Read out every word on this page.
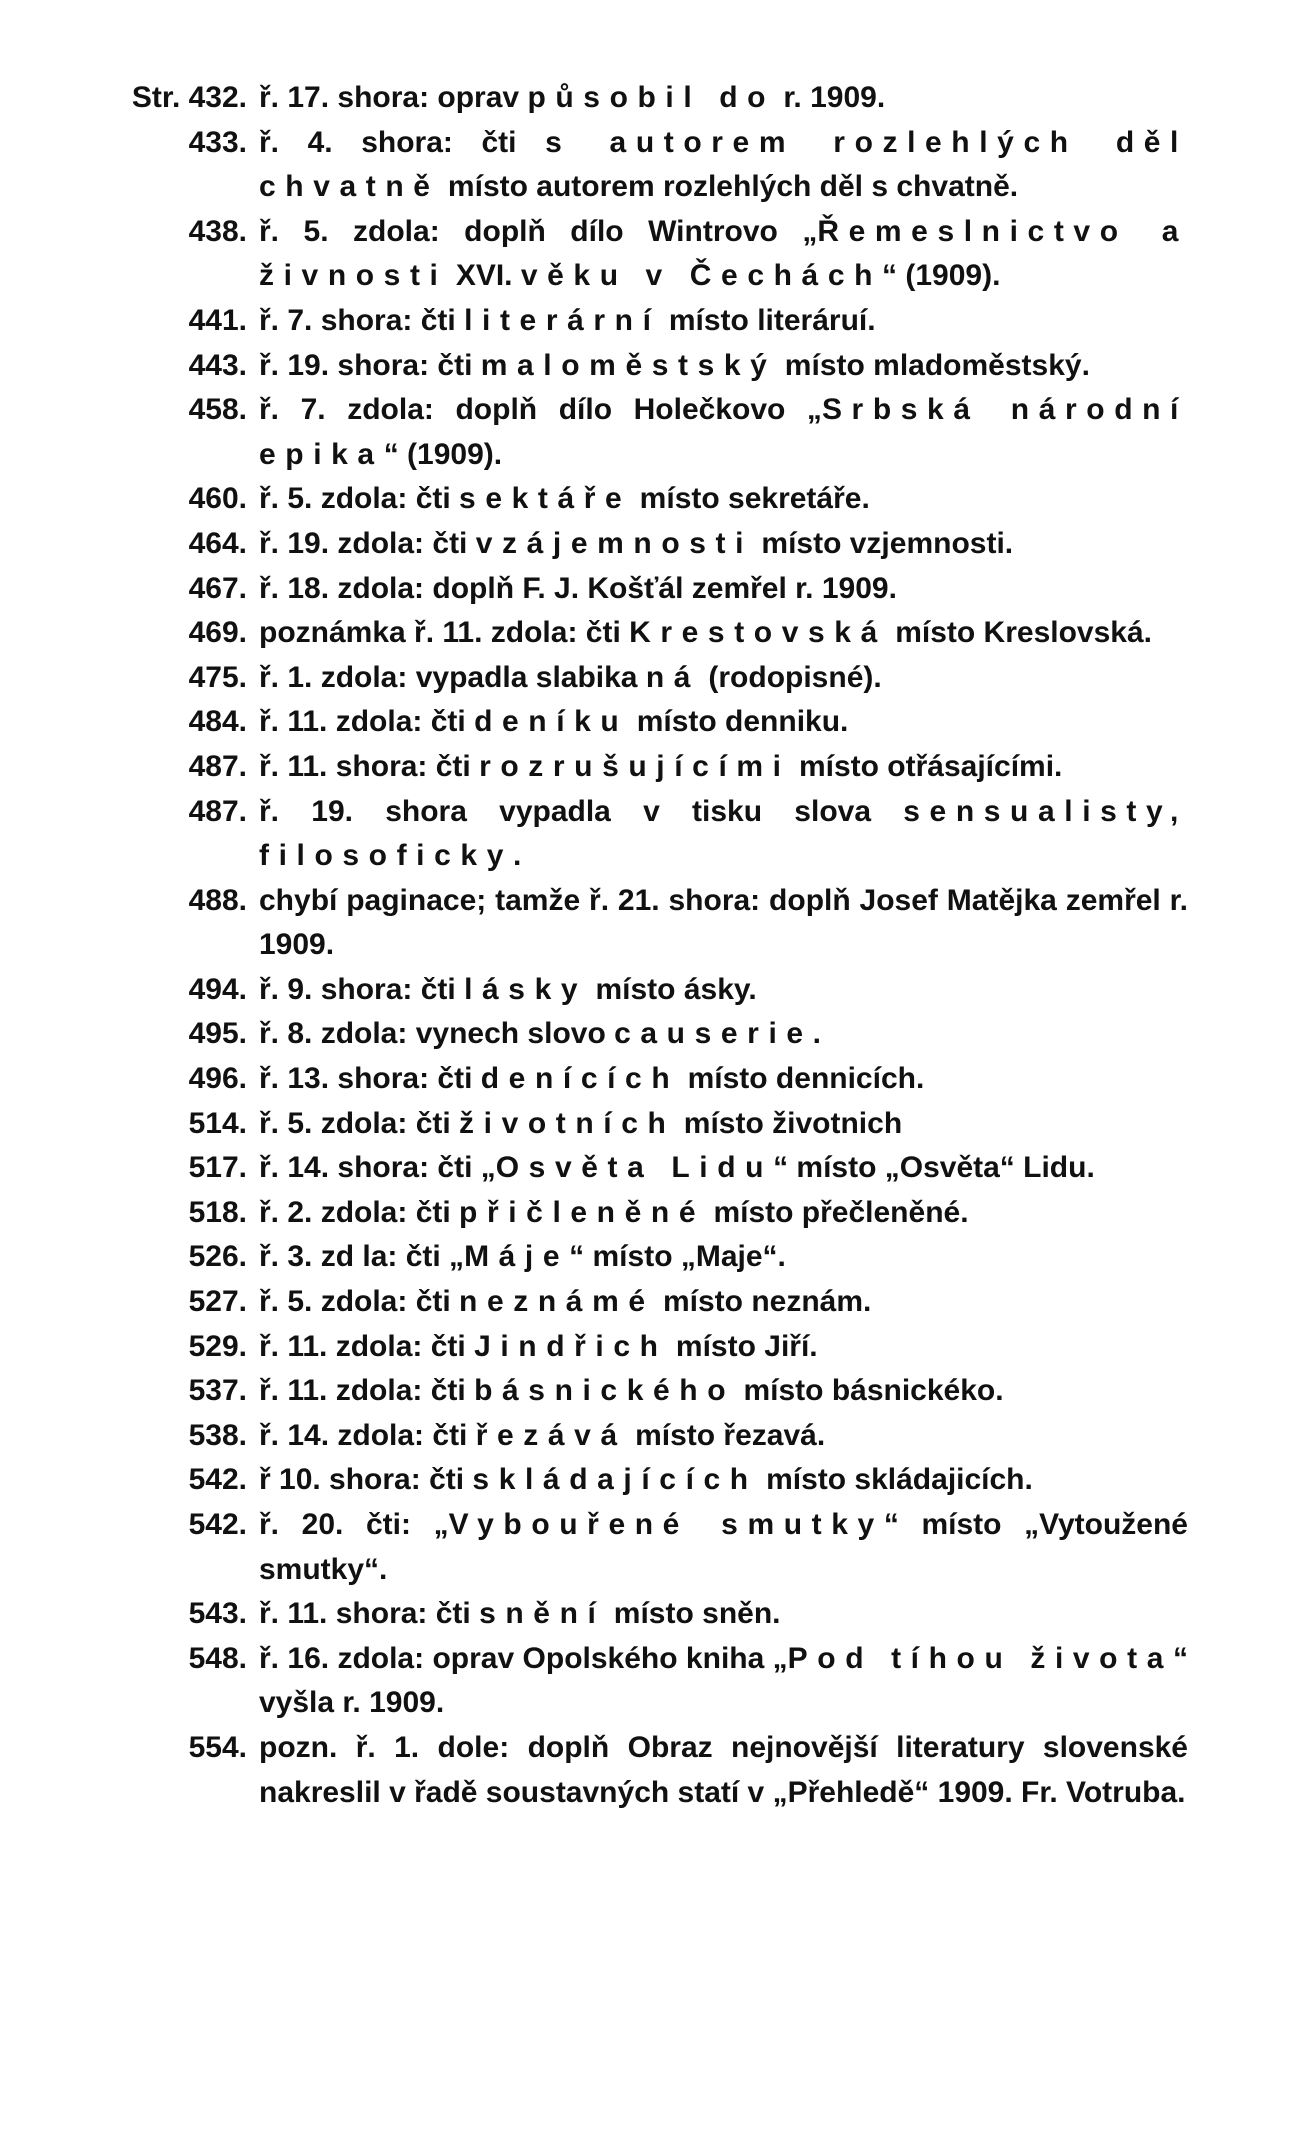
Str. 432. ř. 17. shora: oprav působil do r. 1909.
433. ř. 4. shora: čti s autorem rozlehlých děl chvatně místo autorem rozlehlých děl s chvatně.
438. ř. 5. zdola: doplň dílo Wintrovo „Řemeslnictvo a živnosti XVI. věku v Čechách“ (1909).
441. ř. 7. shora: čti literární místo literáruí.
443. ř. 19. shora: čti maloměstský místo mladoměstský.
458. ř. 7. zdola: doplň dílo Holečkovo „Srbská národní epika“ (1909).
460. ř. 5. zdola: čti sektáře místo sekretáře.
464. ř. 19. zdola: čti vzájemnosti místo vzjemnosti.
467. ř. 18. zdola: doplň F. J. Košťál zemřel r. 1909.
469. poznámka ř. 11. zdola: čti Krestovská místo Kreslovská.
475. ř. 1. zdola: vypadla slabika ná (rodopisné).
484. ř. 11. zdola: čti deníku místo denniku.
487. ř. 11. shora: čti rozrušujícími místo otřásajícími.
487. ř. 19. shora vypadla v tisku slova sensualisty, filosoficky.
488. chybí paginace; tamže ř. 21. shora: doplň Josef Matějka zemřel r. 1909.
494. ř. 9. shora: čti lásky místo ásky.
495. ř. 8. zdola: vynech slovo causerie.
496. ř. 13. shora: čti denících místo dennicích.
514. ř. 5. zdola: čti životních místo životnich
517. ř. 14. shora: čti „Osvěta Lidu“ místo „Osvěta“ Lidu.
518. ř. 2. zdola: čti přičleněné místo přečleněné.
526. ř. 3. zd la: čti „Máje“ místo „Maje“.
527. ř. 5. zdola: čti neznámé místo neznám.
529. ř. 11. zdola: čti Jindřich místo Jiří.
537. ř. 11. zdola: čti básnického místo básnickéko.
538. ř. 14. zdola: čti řezává místo řezavá.
542. ř 10. shora: čti skládajících místo skládajicích.
542. ř. 20. čti: „Vybouřené smutky“ místo „Vytoužené smutky“.
543. ř. 11. shora: čti snění místo sněn.
548. ř. 16. zdola: oprav Opolského kniha „Pod tíhou života“ vyšla r. 1909.
554. pozn. ř. 1. dole: doplň Obraz nejnovější literatury slovenské nakreslil v řadě soustavných statí v „Přehledě“ 1909. Fr. Votruba.
